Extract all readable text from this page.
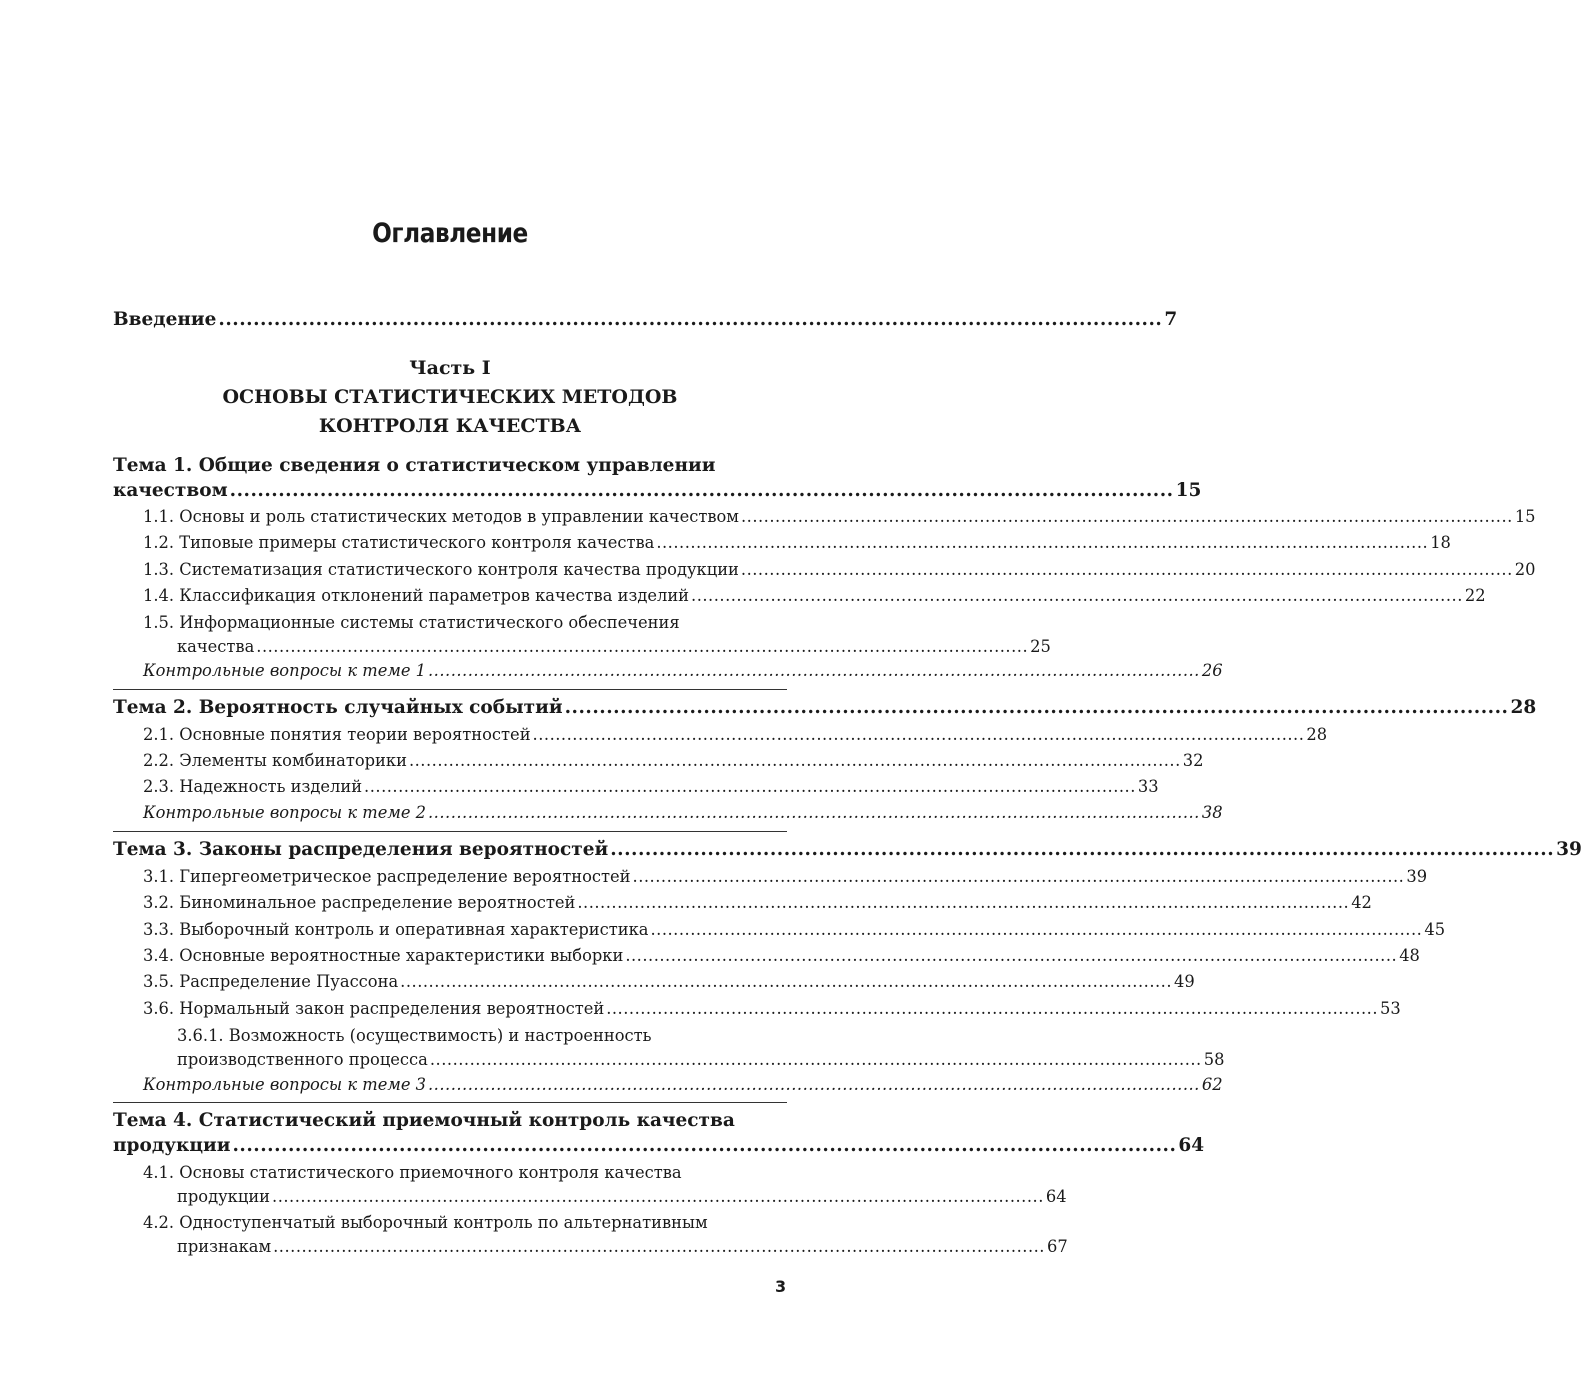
Оглавление
Введение ........................................................................................................................................ 7
Часть I
ОСНОВЫ СТАТИСТИЧЕСКИХ МЕТОДОВ
КОНТРОЛЯ КАЧЕСТВА
Тема 1. Общие сведения о статистическом управлении
качеством ........................................................................................................................................ 15
1.1. Основы и роль статистических методов в управлении качеством ........................................................................................................................................ 15
1.2. Типовые примеры статистического контроля качества ........................................................................................................................................ 18
1.3. Систематизация статистического контроля качества продукции ........................................................................................................................................ 20
1.4. Классификация отклонений параметров качества изделий ........................................................................................................................................ 22
1.5. Информационные системы статистического обеспечения
качества ........................................................................................................................................ 25
Контрольные вопросы к теме 1 ........................................................................................................................................ 26
Тема 2. Вероятность случайных событий ........................................................................................................................................ 28
2.1. Основные понятия теории вероятностей ........................................................................................................................................ 28
2.2. Элементы комбинаторики ........................................................................................................................................ 32
2.3. Надежность изделий ........................................................................................................................................ 33
Контрольные вопросы к теме 2 ........................................................................................................................................ 38
Тема 3. Законы распределения вероятностей ........................................................................................................................................ 39
3.1. Гипергеометрическое распределение вероятностей ........................................................................................................................................ 39
3.2. Биноминальное распределение вероятностей ........................................................................................................................................ 42
3.3. Выборочный контроль и оперативная характеристика ........................................................................................................................................ 45
3.4. Основные вероятностные характеристики выборки ........................................................................................................................................ 48
3.5. Распределение Пуассона ........................................................................................................................................ 49
3.6. Нормальный закон распределения вероятностей ........................................................................................................................................ 53
3.6.1. Возможность (осуществимость) и настроенность
производственного процесса ........................................................................................................................................ 58
Контрольные вопросы к теме 3 ........................................................................................................................................ 62
Тема 4. Статистический приемочный контроль качества
продукции ........................................................................................................................................ 64
4.1. Основы статистического приемочного контроля качества
продукции ........................................................................................................................................ 64
4.2. Одноступенчатый выборочный контроль по альтернативным
признакам ........................................................................................................................................ 67
3
